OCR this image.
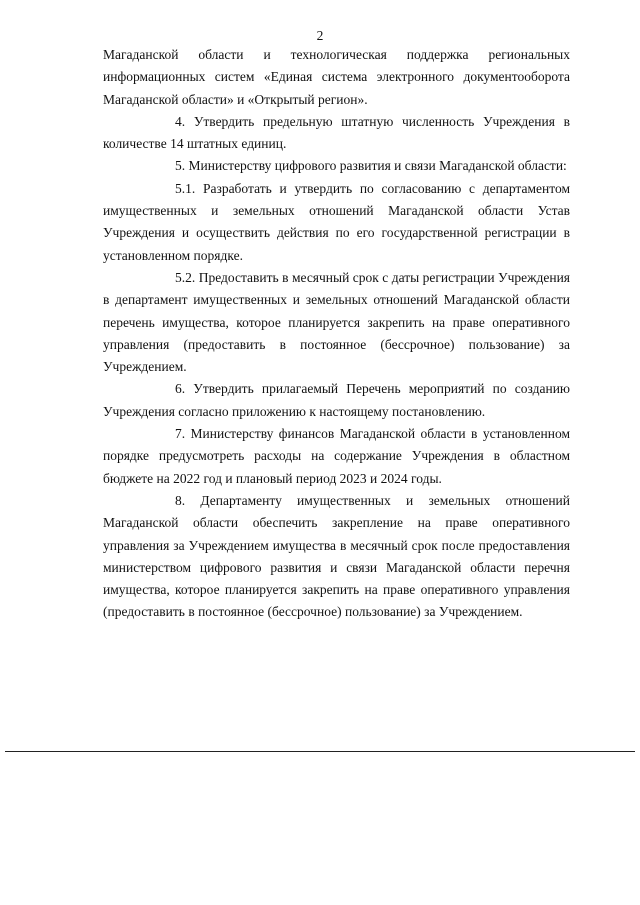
2

Магаданской области и технологическая поддержка региональных информационных систем «Единая система электронного документооборота Магаданской области» и «Открытый регион».

4. Утвердить предельную штатную численность Учреждения в количестве 14 штатных единиц.

5. Министерству цифрового развития и связи Магаданской области:

5.1. Разработать и утвердить по согласованию с департаментом имущественных и земельных отношений Магаданской области Устав Учреждения и осуществить действия по его государственной регистрации в установленном порядке.

5.2. Предоставить в месячный срок с даты регистрации Учреждения в департамент имущественных и земельных отношений Магаданской области перечень имущества, которое планируется закрепить на праве оперативного управления (предоставить в постоянное (бессрочное) пользование) за Учреждением.

6. Утвердить прилагаемый Перечень мероприятий по созданию Учреждения согласно приложению к настоящему постановлению.

7. Министерству финансов Магаданской области в установленном порядке предусмотреть расходы на содержание Учреждения в областном бюджете на 2022 год и плановый период 2023 и 2024 годы.

8. Департаменту имущественных и земельных отношений Магаданской области обеспечить закрепление на праве оперативного управления за Учреждением имущества в месячный срок после предоставления министерством цифрового развития и связи Магаданской области перечня имущества, которое планируется закрепить на праве оперативного управления (предоставить в постоянное (бессрочное) пользование) за Учреждением.
